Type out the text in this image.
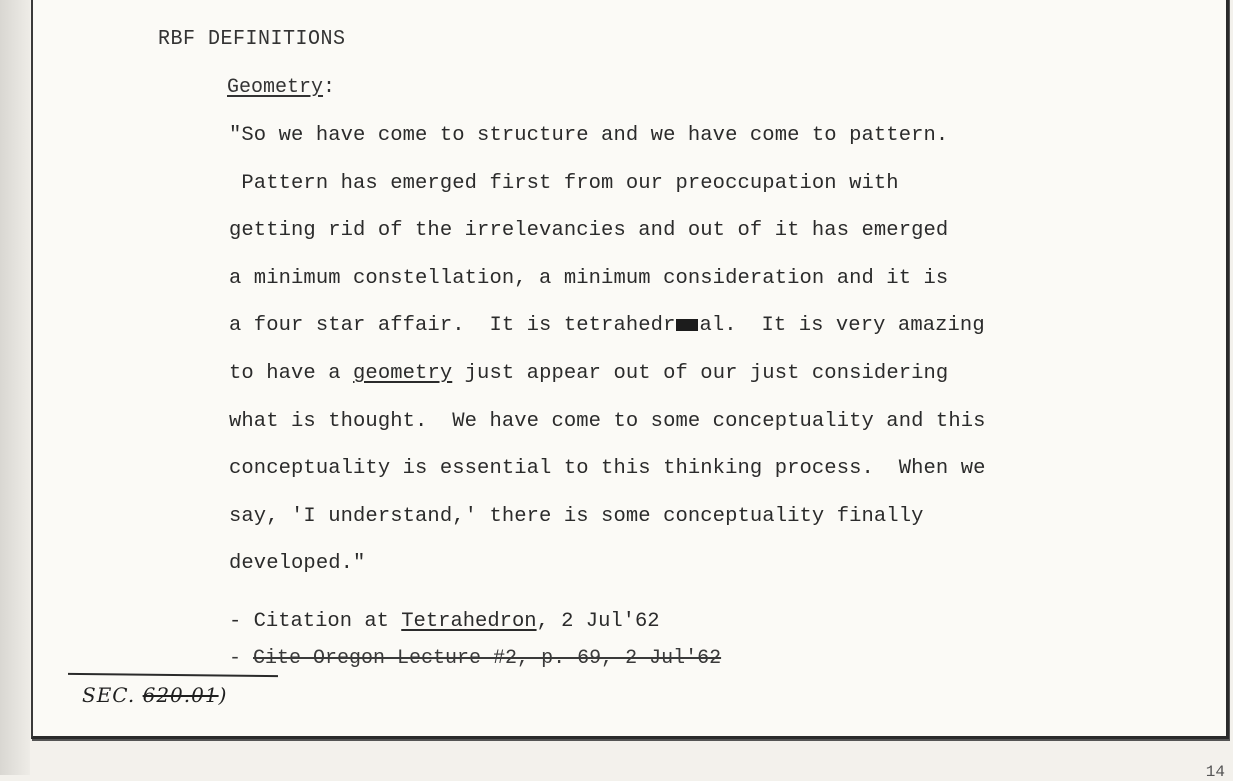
RBF DEFINITIONS
Geometry:
"So we have come to structure and we have come to pattern.
Pattern has emerged first from our preoccupation with
getting rid of the irrelevancies and out of it has emerged
a minimum constellation, a minimum consideration and it is
a four star affair.  It is tetrahedr al.  It is very amazing
to have a geometry just appear out of our just considering
what is thought.  We have come to some conceptuality and this
conceptuality is essential to this thinking process.  When we
say, 'I understand,' there is some conceptuality finally
developed."
- Citation at Tetrahedron, 2 Jul'62
- Cite Oregon Lecture #2, p. 69, 2 Jul'62
SEC. 620.01)
14
